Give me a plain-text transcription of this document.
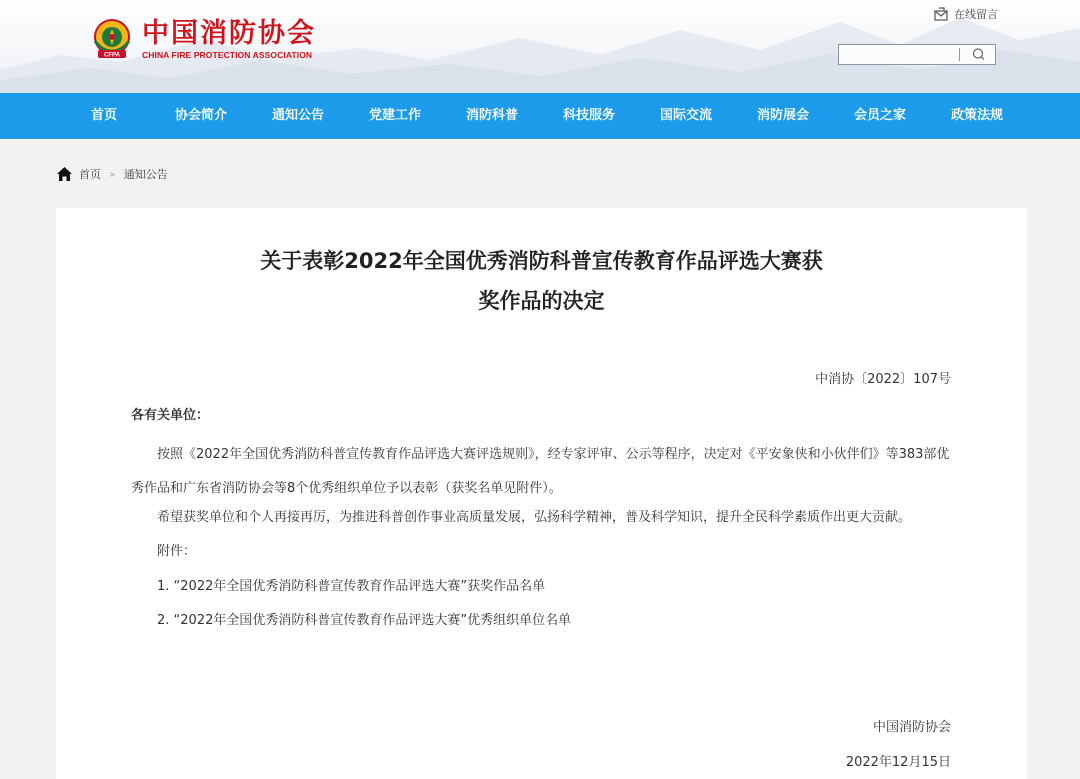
CFPA
中国消防协会
CHINA FIRE PROTECTION ASSOCIATION
在线留言
首页	协会简介	通知公告	党建工作	消防科普	科技服务	国际交流	消防展会	会员之家	政策法规
首页 > 通知公告
关于表彰2022年全国优秀消防科普宣传教育作品评选大赛获
奖作品的决定
中消协〔2022〕107号
各有关单位：
按照《2022年全国优秀消防科普宣传教育作品评选大赛评选规则》，经专家评审、公示等程序，决定对《平安象侠和小伙伴们》等383部优秀作品和广东省消防协会等8个优秀组织单位予以表彰（获奖名单见附件）。
希望获奖单位和个人再接再厉，为推进科普创作事业高质量发展，弘扬科学精神，普及科学知识，提升全民科学素质作出更大贡献。
附件：
1. “2022年全国优秀消防科普宣传教育作品评选大赛”获奖作品名单
2. “2022年全国优秀消防科普宣传教育作品评选大赛”优秀组织单位名单
中国消防协会
2022年12月15日
